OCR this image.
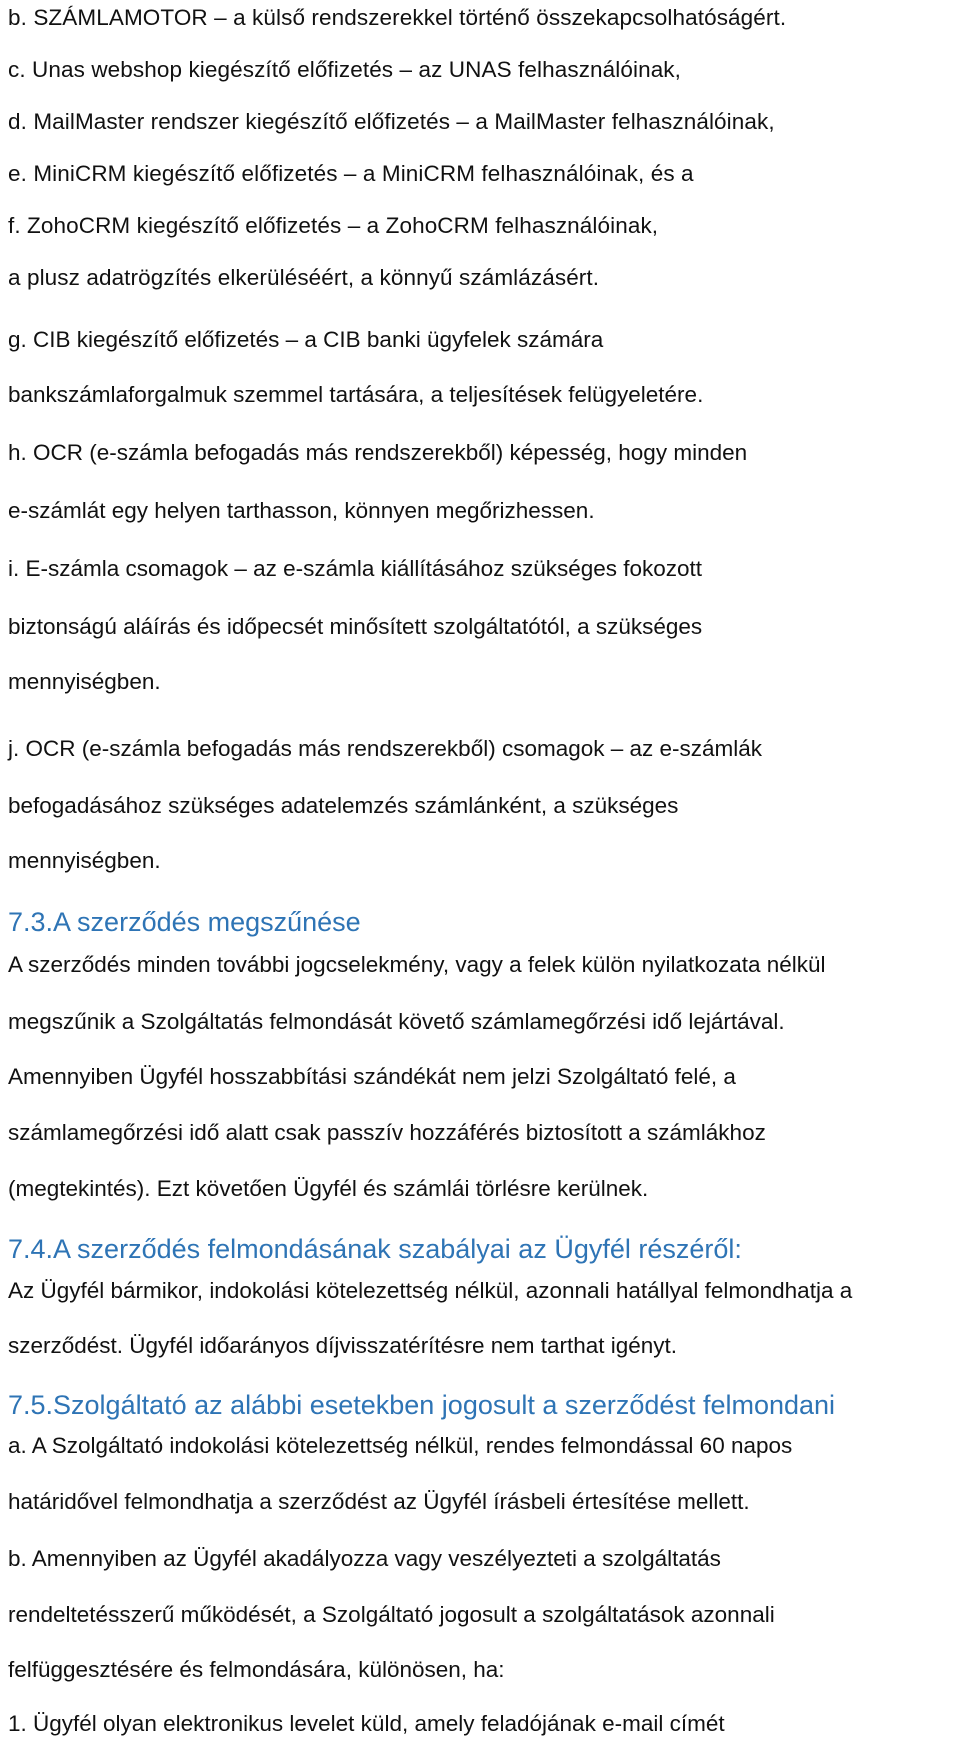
b. SZÁMLAMOTOR – a külső rendszerekkel történő összekapcsolhatóságért.
c. Unas webshop kiegészítő előfizetés – az UNAS felhasználóinak,
d. MailMaster rendszer kiegészítő előfizetés – a MailMaster felhasználóinak,
e. MiniCRM kiegészítő előfizetés – a MiniCRM felhasználóinak, és a
f. ZohoCRM kiegészítő előfizetés – a ZohoCRM felhasználóinak,
a plusz adatrögzítés elkerüléséért, a könnyű számlázásért.
g. CIB kiegészítő előfizetés – a CIB banki ügyfelek számára
bankszámlaforgalmuk szemmel tartására, a teljesítések felügyeletére.
h. OCR (e-számla befogadás más rendszerekből) képesség, hogy minden
e-számlát egy helyen tarthasson, könnyen megőrizhessen.
i. E-számla csomagok – az e-számla kiállításához szükséges fokozott
biztonságú aláírás és időpecsét minősített szolgáltatótól, a szükséges
mennyiségben.
j. OCR (e-számla befogadás más rendszerekből) csomagok – az e-számlák
befogadásához szükséges adatelemzés számlánként, a szükséges
mennyiségben.
7.3.A szerződés megszűnése
A szerződés minden további jogcselekmény, vagy a felek külön nyilatkozata nélkül
megszűnik a Szolgáltatás felmondását követő számlamegőrzési idő lejártával.
Amennyiben Ügyfél hosszabbítási szándékát nem jelzi Szolgáltató felé, a
számlamegőrzési idő alatt csak passzív hozzáférés biztosított a számlákhoz
(megtekintés). Ezt követően Ügyfél és számlái törlésre kerülnek.
7.4.A szerződés felmondásának szabályai az Ügyfél részéről:
Az Ügyfél bármikor, indokolási kötelezettség nélkül, azonnali hatállyal felmondhatja a
szerződést. Ügyfél időarányos díjvisszatérítésre nem tarthat igényt.
7.5.Szolgáltató az alábbi esetekben jogosult a szerződést felmondani
a. A Szolgáltató indokolási kötelezettség nélkül, rendes felmondással 60 napos
határidővel felmondhatja a szerződést az Ügyfél írásbeli értesítése mellett.
b. Amennyiben az Ügyfél akadályozza vagy veszélyezteti a szolgáltatás
rendeltetésszerű működését, a Szolgáltató jogosult a szolgáltatások azonnali
felfüggesztésére és felmondására, különösen, ha:
1. Ügyfél olyan elektronikus levelet küld, amely feladójának e-mail címét
